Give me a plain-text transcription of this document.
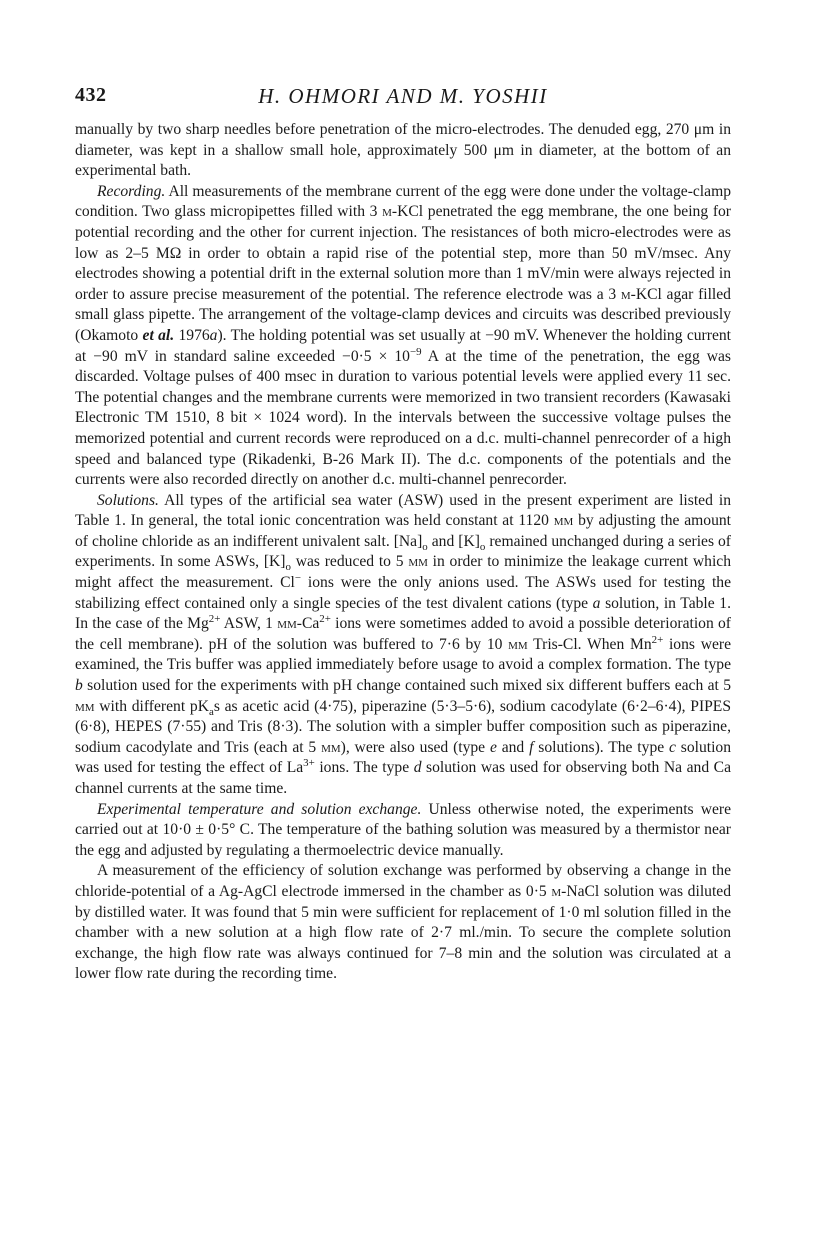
432	H. OHMORI AND M. YOSHII

manually by two sharp needles before penetration of the micro-electrodes. The denuded egg, 270 μm in diameter, was kept in a shallow small hole, approximately 500 μm in diameter, at the bottom of an experimental bath.

Recording. All measurements of the membrane current of the egg were done under the voltage-clamp condition. Two glass micropipettes filled with 3 m-KCl penetrated the egg membrane, the one being for potential recording and the other for current injection. The resistances of both micro-electrodes were as low as 2–5 MΩ in order to obtain a rapid rise of the potential step, more than 50 mV/msec. Any electrodes showing a potential drift in the external solution more than 1 mV/min were always rejected in order to assure precise measurement of the potential. The reference electrode was a 3 m-KCl agar filled small glass pipette. The arrangement of the voltage-clamp devices and circuits was described previously (Okamoto et al. 1976a). The holding potential was set usually at −90 mV. Whenever the holding current at −90 mV in standard saline exceeded $-0\cdot 5 \times 10^{-9}$ A at the time of the penetration, the egg was discarded. Voltage pulses of 400 msec in duration to various potential levels were applied every 11 sec. The potential changes and the membrane currents were memorized in two transient recorders (Kawasaki Electronic TM 1510, 8 bit × 1024 word). In the intervals between the successive voltage pulses the memorized potential and current records were reproduced on a d.c. multi-channel penrecorder of a high speed and balanced type (Rikadenki, B-26 Mark II). The d.c. components of the potentials and the currents were also recorded directly on another d.c. multi-channel penrecorder.

Solutions. All types of the artificial sea water (ASW) used in the present experiment are listed in Table 1. In general, the total ionic concentration was held constant at 1120 mm by adjusting the amount of choline chloride as an indifferent univalent salt. $[Na]_o$ and $[K]_o$ remained unchanged during a series of experiments. In some ASWs, $[K]_o$ was reduced to 5 mm in order to minimize the leakage current which might affect the measurement. Cl− ions were the only anions used. The ASWs used for testing the stabilizing effect contained only a single species of the test divalent cations (type a solution, in Table 1. In the case of the $Mg^{2+}$ ASW, 1 $mm-Ca^{2+}$ ions were sometimes added to avoid a possible deterioration of the cell membrane). pH of the solution was buffered to 7·6 by 10 mm Tris-Cl. When $Mn^{2+}$ ions were examined, the Tris buffer was applied immediately before usage to avoid a complex formation. The type b solution used for the experiments with pH change contained such mixed six different buffers each at 5 mm with different $pK_as$ as acetic acid (4·75), piperazine (5·3–5·6), sodium cacodylate (6·2–6·4), PIPES (6·8), HEPES (7·55) and Tris (8·3). The solution with a simpler buffer composition such as piperazine, sodium cacodylate and Tris (each at 5 mm), were also used (type e and f solutions). The type c solution was used for testing the effect of $La^{3+}$ ions. The type d solution was used for observing both Na and Ca channel currents at the same time.

Experimental temperature and solution exchange. Unless otherwise noted, the experiments were carried out at 10·0 ± 0·5° C. The temperature of the bathing solution was measured by a thermistor near the egg and adjusted by regulating a thermoelectric device manually.

A measurement of the efficiency of solution exchange was performed by observing a change in the chloride-potential of a Ag-AgCl electrode immersed in the chamber as 0·5 m-NaCl solution was diluted by distilled water. It was found that 5 min were sufficient for replacement of 1·0 ml solution filled in the chamber with a new solution at a high flow rate of 2·7 ml./min. To secure the complete solution exchange, the high flow rate was always continued for 7–8 min and the solution was circulated at a lower flow rate during the recording time.
